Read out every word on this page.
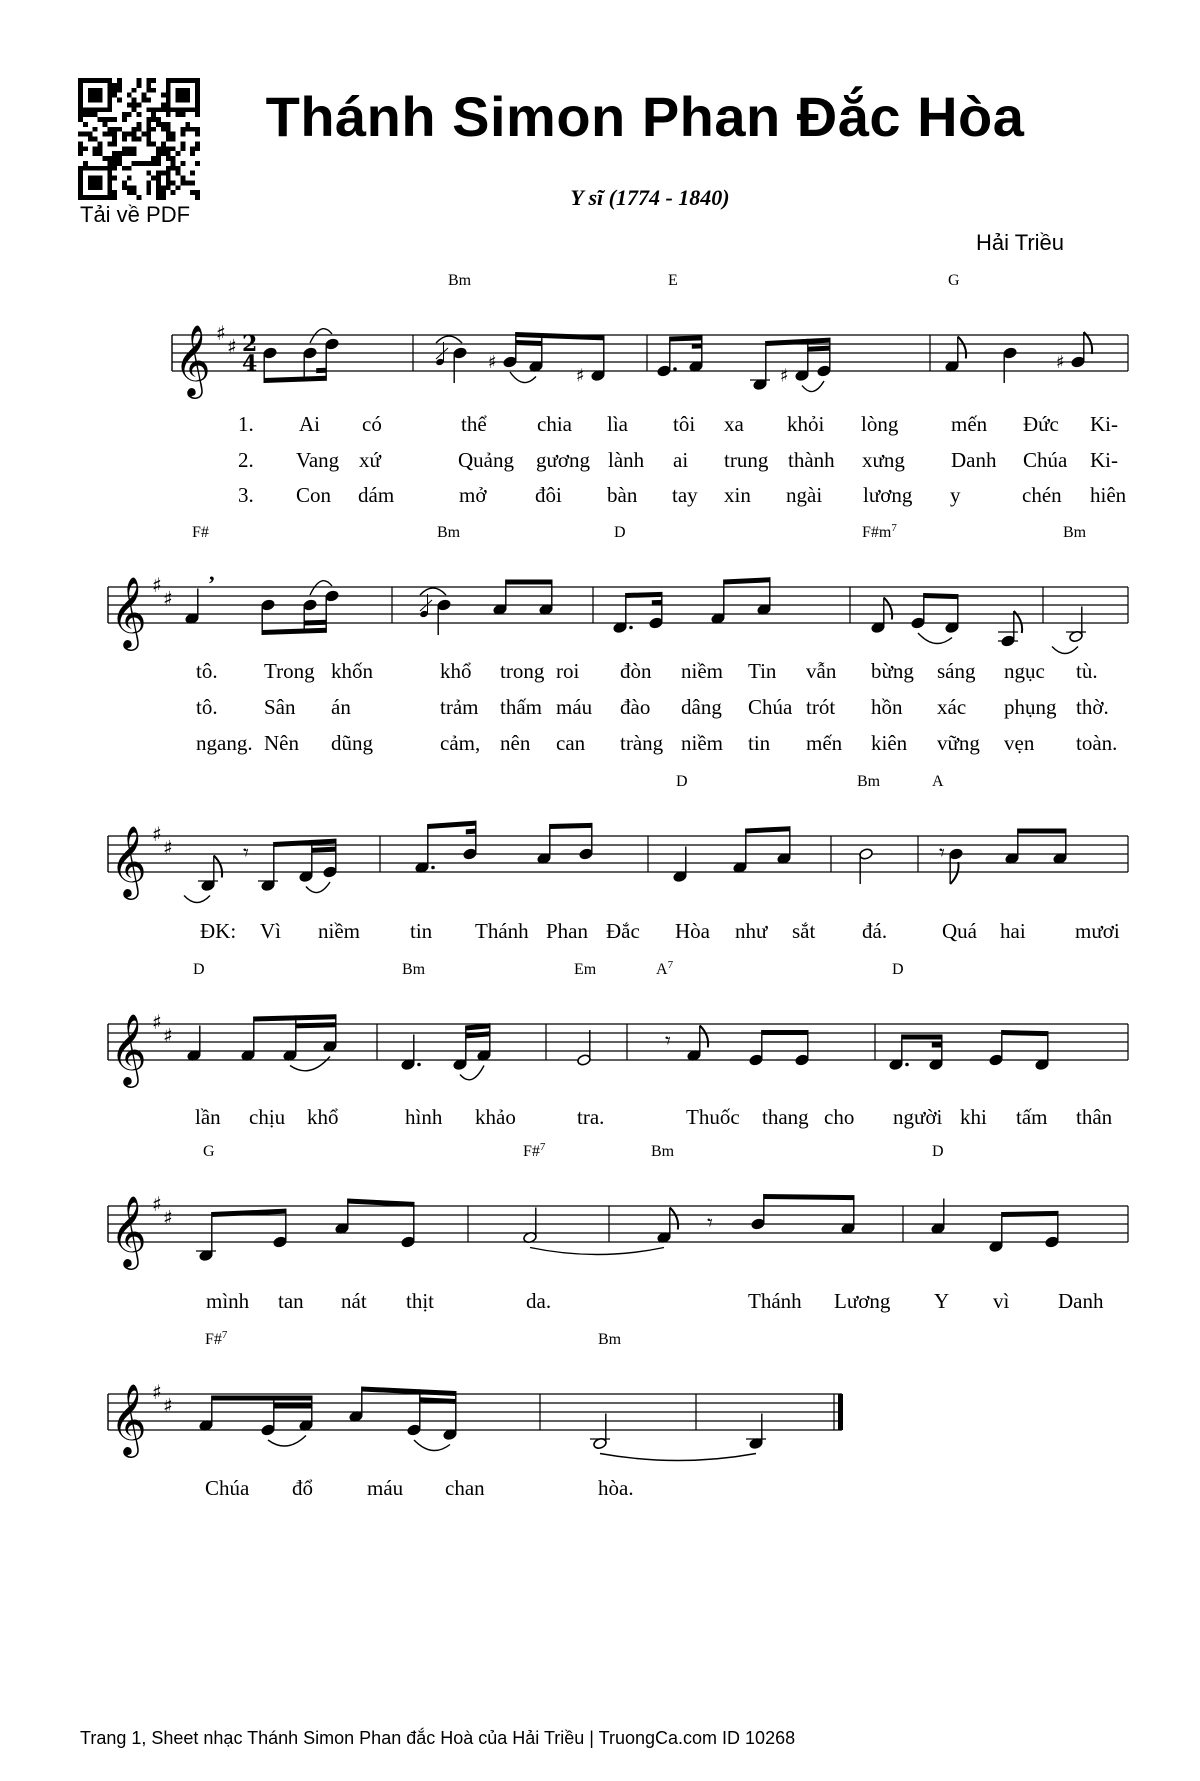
Tải về PDF
Thánh Simon Phan Đắc Hòa
Y sĩ (1774 - 1840)
Hải Triều
𝄞 ♯
♯ 2
4	♯
♯	♯
♯
Bm	E	G
1. Ai có	thể chia lìa tôi xa khỏi lòng	mến Đức Ki-
2. Vang xứ	Quảng gương lành ai trung thành xưng Danh Chúa Ki-
3. Con dám	mở đôi bàn tay xin ngài lương y	chén hiên
𝄞 ♯
♯
’
F#	Bm	D	$F\#m^7$	Bm
tô. Trong khốn	khổ trong roi đòn niềm Tin vẫn bừng sáng ngục tù.
tô. Sân án	trảm thấm máu đào dâng Chúa trót hồn xác phụng thờ.
ngang. Nên dũng	cảm, nên can tràng niềm tin mến kiên vững vẹn toàn.
𝄞 ♯
♯	𝄾	𝄾
D	Bm	A
ĐK: Vì niềm tin Thánh Phan Đắc Hòa như sắt đá.	Quá hai mươi
𝄞 ♯
♯	𝄾
D	Bm	Em	$A^7$	D
lần chịu khổ	hình khảo	tra.	Thuốc thang cho người khi tấm thân
𝄞 ♯
♯	𝄾
G	F#$^7$	Bm	D
mình tan nát thịt	da.	Thánh Lương Y vì Danh
𝄞 ♯
♯
F#$^7$	Bm
Chúa đổ	máu chan	hòa.
Trang 1, Sheet nhạc Thánh Simon Phan đắc Hoà của Hải Triều | TruongCa.com ID 10268
